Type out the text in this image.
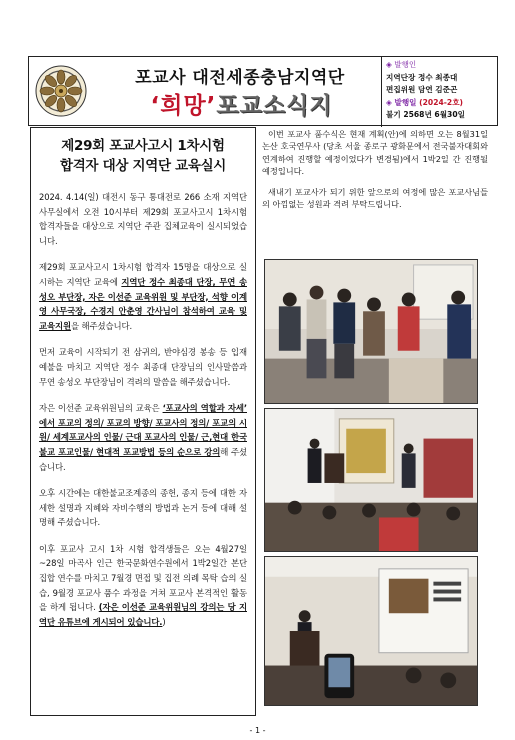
포교사 대전세종충남지역단
‘희망’포교소식지
◈ 발행인
지역단장 정수 최종대
편집위원 담연 김준곤
◈ 발행일 (2024-2호)
불기 2568년 6월30일
제29회 포교사고시 1차시험
합격자 대상 지역단 교육실시

2024. 4.14(일) 대전시 동구 통대전로 266 소재 지역단 사무실에서 오전 10시부터 제29회 포교사고시 1차시험 합격자들을 대상으로 지역단 주관 집체교육이 실시되었습니다.

제29회 포교사고시 1차시험 합격자 15명을 대상으로 실시하는 지역단 교육에 지역단 정수 최종대 단장, 무연 송성오 부단장, 자은 이선준 교육위원 및 부단장, 석향 이계영 사무국장, 수경지 안춘영 간사님이 참석하여 교육 및 교육지원을 해주셨습니다.

먼저 교육이 시작되기 전 삼귀의, 반야심경 봉송 등 입재 예불을 마치고 지역단 정수 최종대 단장님의 인사말씀과 무연 송성오 부단장님이 격려의 말씀을 해주셨습니다.

자은 이선준 교육위원님의 교육은 ‘포교사의 역할과 자세’ 에서 포교의 정의/ 포교의 방향/ 포교사의 정의/ 포교의 시원/ 세계포교사의 인물/ 근대 포교사의 인물/ 근,현대 한국불교 포교인물/ 현대적 포교방법 등의 순으로 강의해 주셨습니다.

오후 시간에는 대한불교조계종의 종헌, 종지 등에 대한 자세한 설명과 지혜와 자비수행의 방법과 논거 등에 대해 설명해 주셨습니다.

이후 포교사 고시 1차 시험 합격생들은 오는 4월27일~28일 마곡사 인근 한국문화연수원에서 1박2일간 본단 집합 연수를 마치고 7월경 면접 및 집전 의례 목탁 습의 실습, 9월경 포교사 품수 과정을 거쳐 포교사 본격적인 활동을 하게 됩니다. (자은 이선준 교육위원님의 강의는 당 지역단 유튜브에 게시되어 있습니다.)

이번 포교사 품수식은 현재 계획(안)에 의하면 오는 8월31일 논산 호국연무사 (당초 서울 종로구 광화문에서 전국불자대회와 연계하여 진행할 예정이었다가 변경됨)에서 1박2일 간 진행될 예정입니다.

새내기 포교사가 되기 위한 앞으로의 여정에 많은 포교사님들의 아낌없는 성원과 격려 부탁드립니다.

- 1 -
